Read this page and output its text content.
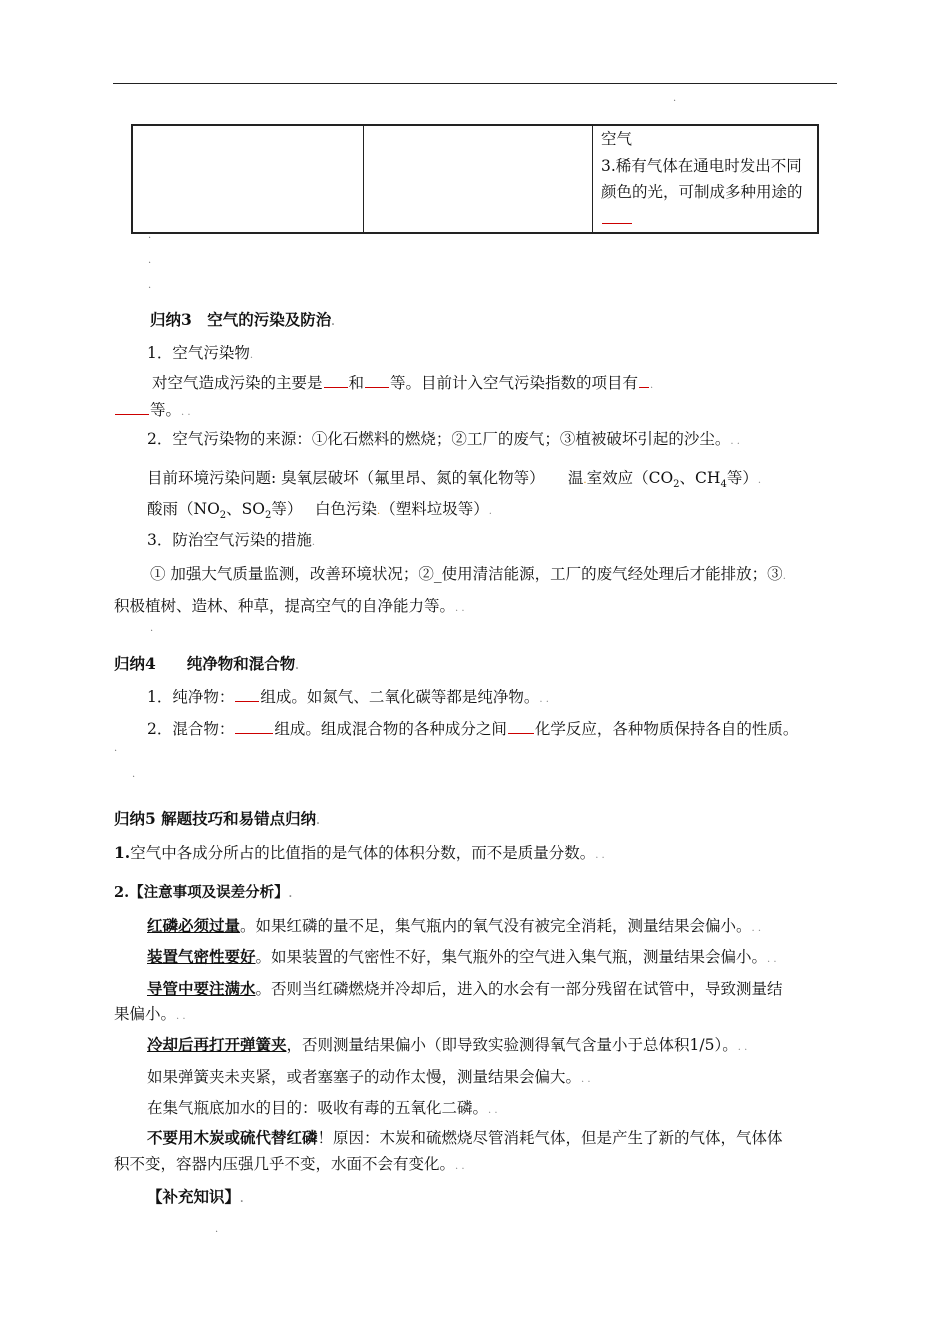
.

空气
3.稀有气体在通电时发出不同颜色的光，可制成多种用途的
.
.
.
归纳3　空气的污染及防治.
1．空气污染物.
对空气造成污染的主要是 和 等。目前计入空气污染指数的项目有 .
等。. .
2．空气污染物的来源：①化石燃料的燃烧；②工厂的废气；③植被破坏引起的沙尘。. .
目前环境污染问题: 臭氧层破坏（氟里昂、氮的氧化物等）　　温.室效应（$CO_2$、$CH_4$等）.
酸雨（$NO_2$、$SO_2$等）　 白色污染.（塑料垃圾等）.
3．防治空气污染的措施.
① 加强大气质量监测，改善环境状况；②_使用清洁能源，工厂的废气经处理后才能排放；③.
积极植树、造林、种草，提高空气的自净能力等。. .
.
归纳4　　纯净物和混合物.
1．纯净物： 组成。如氮气、二氧化碳等都是纯净物。. .
2．混合物：	组成。组成混合物的各种成分之间 化学反应，各种物质保持各自的性质。
.
.
归纳5 解题技巧和易错点归纳.
1.空气中各成分所占的比值指的是气体的体积分数，而不是质量分数。. .
2.【注意事项及误差分析】.
红磷必须过量。如果红磷的量不足，集气瓶内的氧气没有被完全消耗，测量结果会偏小。. .
装置气密性要好。如果装置的气密性不好，集气瓶外的空气进入集气瓶，测量结果会偏小。. .
导管中要注满水。否则当红磷燃烧并冷却后，进入的水会有一部分残留在试管中，导致测量结
果偏小。. .
冷却后再打开弹簧夹，否则测量结果偏小（即导致实验测得氧气含量小于总体积1/5）。. .
如果弹簧夹未夹紧，或者塞塞子的动作太慢，测量结果会偏大。. .
在集气瓶底加水的目的：吸收有毒的五氧化二磷。. .
不要用木炭或硫代替红磷！原因：木炭和硫燃烧尽管消耗气体，但是产生了新的气体，气体体
积不变，容器内压强几乎不变，水面不会有变化。. .
【补充知识】.
.
